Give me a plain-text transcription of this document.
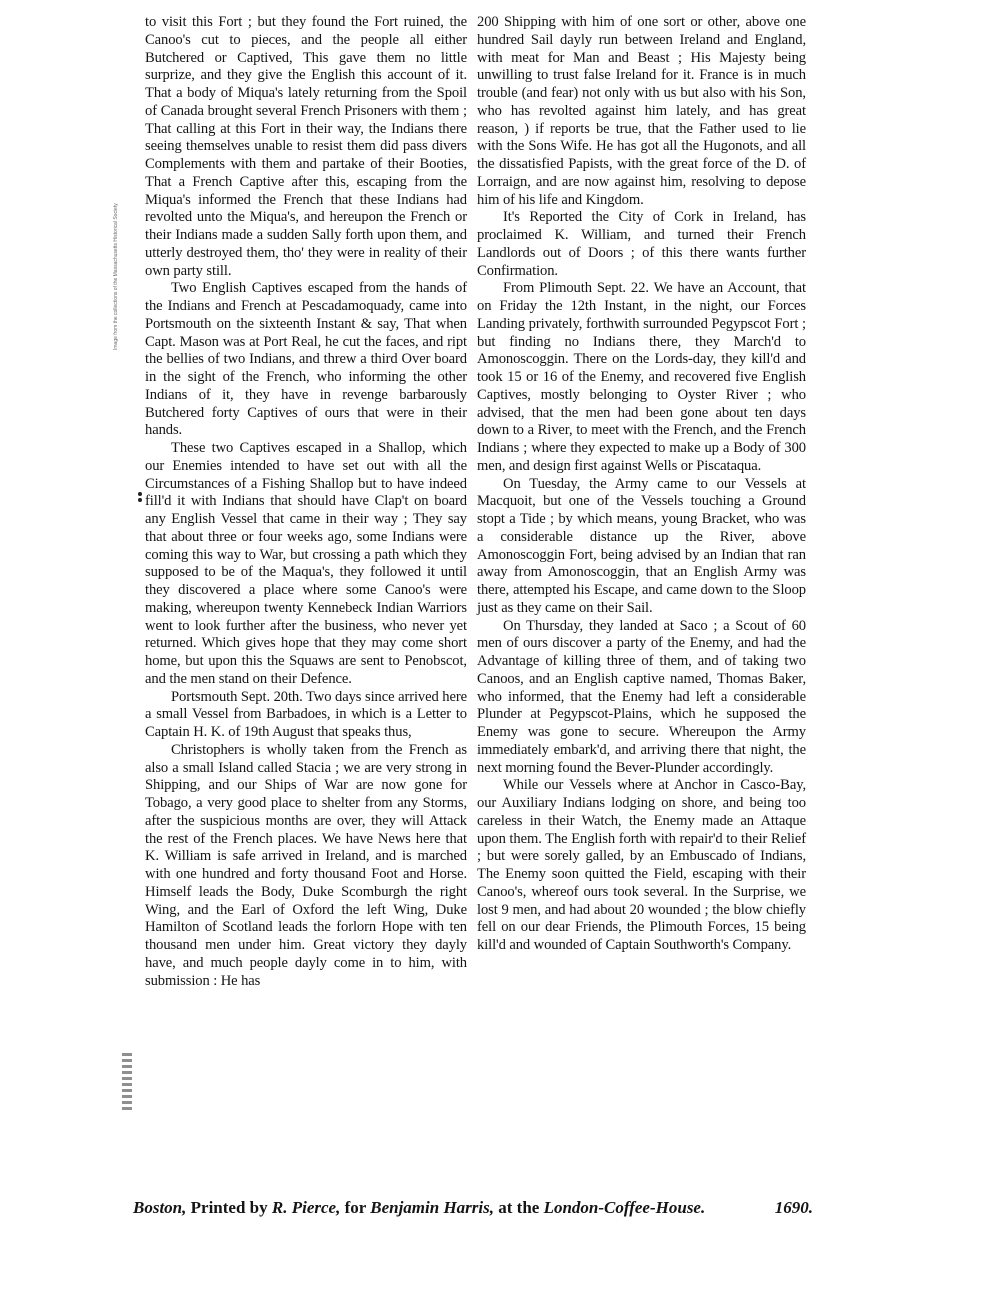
Image from the collections of the Massachusetts Historical Society

to visit this Fort ; but they found the Fort ruined, the Canoo's cut to pieces, and the people all either Butchered or Captived, This gave them no little surprize, and they give the English this account of it. That a body of Miqua's lately returning from the Spoil of Canada brought several French Prisoners with them ; That calling at this Fort in their way, the Indians there seeing themselves unable to resist them did pass divers Complements with them and partake of their Booties, That a French Captive after this, escaping from the Miqua's informed the French that these Indians had revolted unto the Miqua's, and hereupon the French or their Indians made a sudden Sally forth upon them, and utterly destroyed them, tho' they were in reality of their own party still.

Two English Captives escaped from the hands of the Indians and French at Pescadamoquady, came into Portsmouth on the sixteenth Instant & say, That when Capt. Mason was at Port Real, he cut the faces, and ript the bellies of two Indians, and threw a third Over board in the sight of the French, who informing the other Indians of it, they have in revenge barbarously Butchered forty Captives of ours that were in their hands.

These two Captives escaped in a Shallop, which our Enemies intended to have set out with all the Circumstances of a Fishing Shallop but to have indeed fill'd it with Indians that should have Clap't on board any English Vessel that came in their way ; They say that about three or four weeks ago, some Indians were coming this way to War, but crossing a path which they supposed to be of the Maqua's, they followed it until they discovered a place where some Canoo's were making, whereupon twenty Kennebeck Indian Warriors went to look further after the business, who never yet returned. Which gives hope that they may come short home, but upon this the Squaws are sent to Penobscot, and the men stand on their Defence.

Portsmouth Sept. 20th. Two days since arrived here a small Vessel from Barbadoes, in which is a Letter to Captain H. K. of 19th August that speaks thus,

Christophers is wholly taken from the French as also a small Island called Stacia ; we are very strong in Shipping, and our Ships of War are now gone for Tobago, a very good place to shelter from any Storms, after the suspicious months are over, they will Attack the rest of the French places. We have News here that K. William is safe arrived in Ireland, and is marched with one hundred and forty thousand Foot and Horse. Himself leads the Body, Duke Scomburgh the right Wing, and the Earl of Oxford the left Wing, Duke Hamilton of Scotland leads the forlorn Hope with ten thousand men under him. Great victory they dayly have, and much people dayly come in to him, with submission : He has

200 Shipping with him of one sort or other, above one hundred Sail dayly run between Ireland and England, with meat for Man and Beast ; His Majesty being unwilling to trust false Ireland for it. France is in much trouble (and fear) not only with us but also with his Son, who has revolted against him lately, and has great reason, ) if reports be true, that the Father used to lie with the Sons Wife. He has got all the Hugonots, and all the dissatisfied Papists, with the great force of the D. of Lorraign, and are now against him, resolving to depose him of his life and Kingdom.

It's Reported the City of Cork in Ireland, has proclaimed K. William, and turned their French Landlords out of Doors ; of this there wants further Confirmation.

From Plimouth Sept. 22. We have an Account, that on Friday the 12th Instant, in the night, our Forces Landing privately, forthwith surrounded Pegypscot Fort ; but finding no Indians there, they March'd to Amonoscoggin. There on the Lords-day, they kill'd and took 15 or 16 of the Enemy, and recovered five English Captives, mostly belonging to Oyster River ; who advised, that the men had been gone about ten days down to a River, to meet with the French, and the French Indians ; where they expected to make up a Body of 300 men, and design first against Wells or Piscataqua.

On Tuesday, the Army came to our Vessels at Macquoit, but one of the Vessels touching a Ground stopt a Tide ; by which means, young Bracket, who was a considerable distance up the River, above Amonoscoggin Fort, being advised by an Indian that ran away from Amonoscoggin, that an English Army was there, attempted his Escape, and came down to the Sloop just as they came on their Sail.

On Thursday, they landed at Saco ; a Scout of 60 men of ours discover a party of the Enemy, and had the Advantage of killing three of them, and of taking two Canoos, and an English captive named, Thomas Baker, who informed, that the Enemy had left a considerable Plunder at Pegypscot-Plains, which he supposed the Enemy was gone to secure. Whereupon the Army immediately embark'd, and arriving there that night, the next morning found the Bever-Plunder accordingly.

While our Vessels where at Anchor in Casco-Bay, our Auxiliary Indians lodging on shore, and being too careless in their Watch, the Enemy made an Attaque upon them. The English forth with repair'd to their Relief ; but were sorely galled, by an Embuscado of Indians, The Enemy soon quitted the Field, escaping with their Canoo's, whereof ours took several. In the Surprise, we lost 9 men, and had about 20 wounded ; the blow chiefly fell on our dear Friends, the Plimouth Forces, 15 being kill'd and wounded of Captain Southworth's Company.

Boston, Printed by R. Pierce, for Benjamin Harris, at the London-Coffee-House.	1690.
